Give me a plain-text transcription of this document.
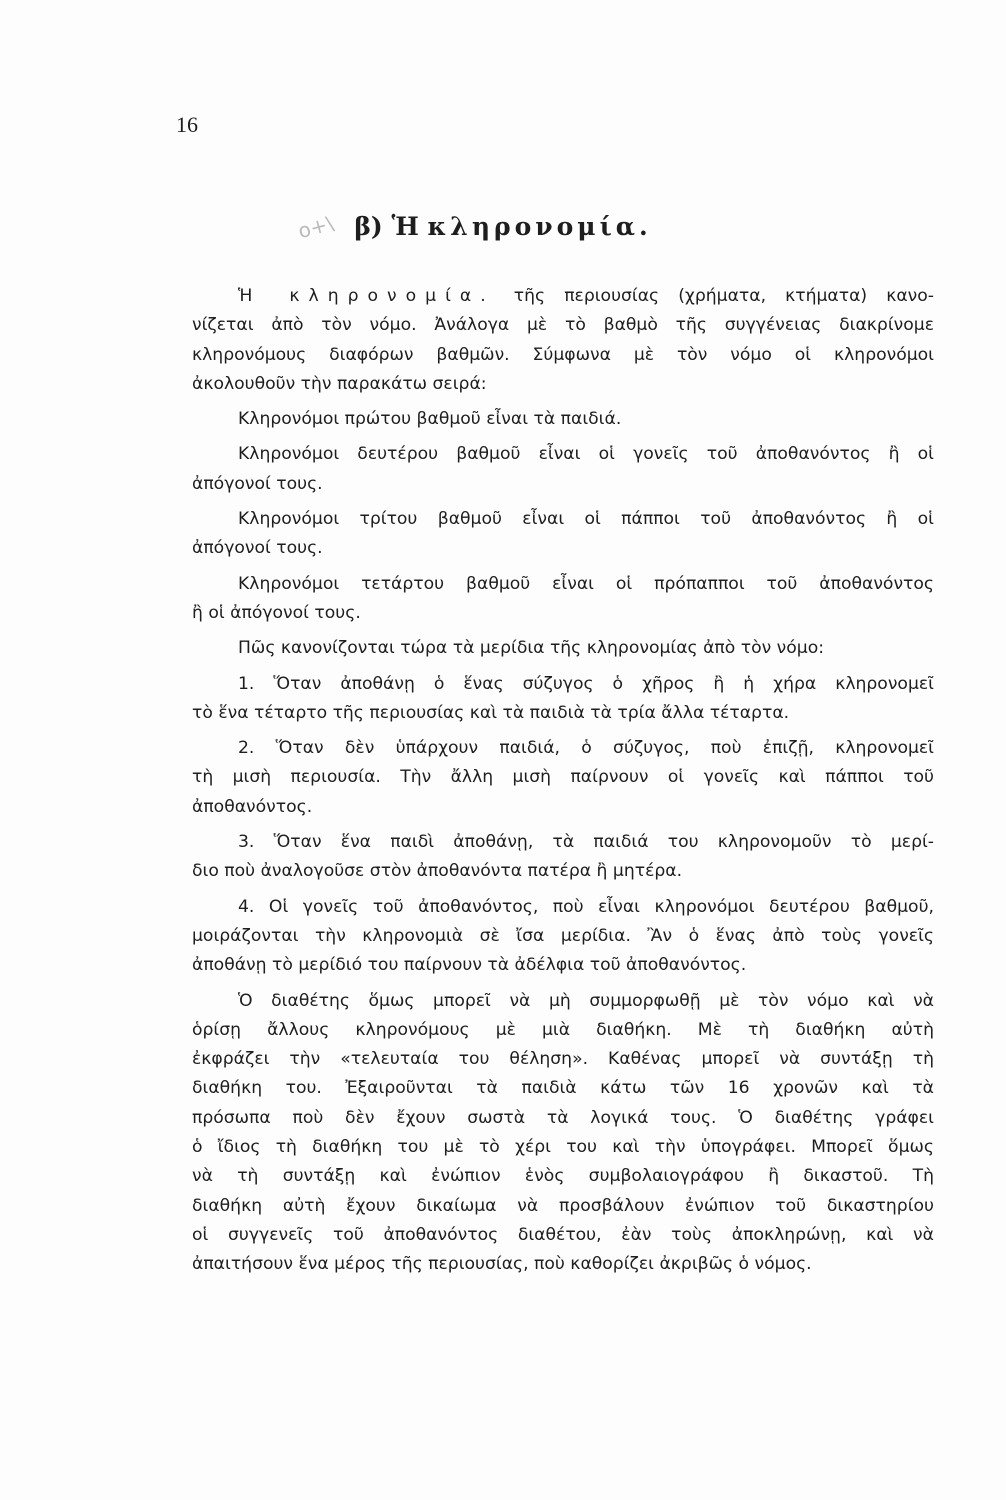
16
ο+\ β) Ἡ κληρονομία.

Ἡ κληρονομία. τῆς περιουσίας (χρήματα, κτήματα) κανο-
νίζεται ἀπὸ τὸν νόμο. Ἀνάλογα μὲ τὸ βαθμὸ τῆς συγγένειας διακρίνομε
κληρονόμους διαφόρων βαθμῶν. Σύμφωνα μὲ τὸν νόμο οἱ κληρονόμοι
ἀκολουθοῦν τὴν παρακάτω σειρά:

Κληρονόμοι πρώτου βαθμοῦ εἶναι τὰ παιδιά.

Κληρονόμοι δευτέρου βαθμοῦ εἶναι οἱ γονεῖς τοῦ ἀποθανόντος ἢ οἱ
ἀπόγονοί τους.

Κληρονόμοι τρίτου βαθμοῦ εἶναι οἱ πάπποι τοῦ ἀποθανόντος ἢ οἱ
ἀπόγονοί τους.

Κληρονόμοι τετάρτου βαθμοῦ εἶναι οἱ πρόπαπποι τοῦ ἀποθανόντος
ἢ οἱ ἀπόγονοί τους.

Πῶς κανονίζονται τώρα τὰ μερίδια τῆς κληρονομίας ἀπὸ τὸν νόμο:

1. Ὅταν ἀποθάνῃ ὁ ἕνας σύζυγος ὁ χῆρος ἢ ἡ χήρα κληρονομεῖ
τὸ ἕνα τέταρτο τῆς περιουσίας καὶ τὰ παιδιὰ τὰ τρία ἄλλα τέταρτα.

2. Ὅταν δὲν ὑπάρχουν παιδιά, ὁ σύζυγος, ποὺ ἐπιζῇ, κληρονομεῖ
τὴ μισὴ περιουσία. Τὴν ἄλλη μισὴ παίρνουν οἱ γονεῖς καὶ πάπποι τοῦ
ἀποθανόντος.

3. Ὅταν ἕνα παιδὶ ἀποθάνῃ, τὰ παιδιά του κληρονομοῦν τὸ μερί-
διο ποὺ ἀναλογοῦσε στὸν ἀποθανόντα πατέρα ἢ μητέρα.

4. Οἱ γονεῖς τοῦ ἀποθανόντος, ποὺ εἶναι κληρονόμοι δευτέρου βαθμοῦ,
μοιράζονται τὴν κληρονομιὰ σὲ ἴσα μερίδια. Ἂν ὁ ἕνας ἀπὸ τοὺς γονεῖς
ἀποθάνῃ τὸ μερίδιό του παίρνουν τὰ ἀδέλφια τοῦ ἀποθανόντος.

Ὁ διαθέτης ὅμως μπορεῖ νὰ μὴ συμμορφωθῇ μὲ τὸν νόμο καὶ νὰ
ὁρίσῃ ἄλλους κληρονόμους μὲ μιὰ διαθήκη. Μὲ τὴ διαθήκη αὐτὴ
ἐκφράζει τὴν «τελευταία του θέληση». Καθένας μπορεῖ νὰ συντάξῃ τὴ
διαθήκη του. Ἐξαιροῦνται τὰ παιδιὰ κάτω τῶν 16 χρονῶν καὶ τὰ
πρόσωπα ποὺ δὲν ἔχουν σωστὰ τὰ λογικά τους. Ὁ διαθέτης γράφει
ὁ ἴδιος τὴ διαθήκη του μὲ τὸ χέρι του καὶ τὴν ὑπογράφει. Μπορεῖ ὅμως
νὰ τὴ συντάξῃ καὶ ἐνώπιον ἑνὸς συμβολαιογράφου ἢ δικαστοῦ. Τὴ
διαθήκη αὐτὴ ἔχουν δικαίωμα νὰ προσβάλουν ἐνώπιον τοῦ δικαστηρίου
οἱ συγγενεῖς τοῦ ἀποθανόντος διαθέτου, ἐὰν τοὺς ἀποκληρώνῃ, καὶ νὰ
ἀπαιτήσουν ἕνα μέρος τῆς περιουσίας, ποὺ καθορίζει ἀκριβῶς ὁ νόμος.
